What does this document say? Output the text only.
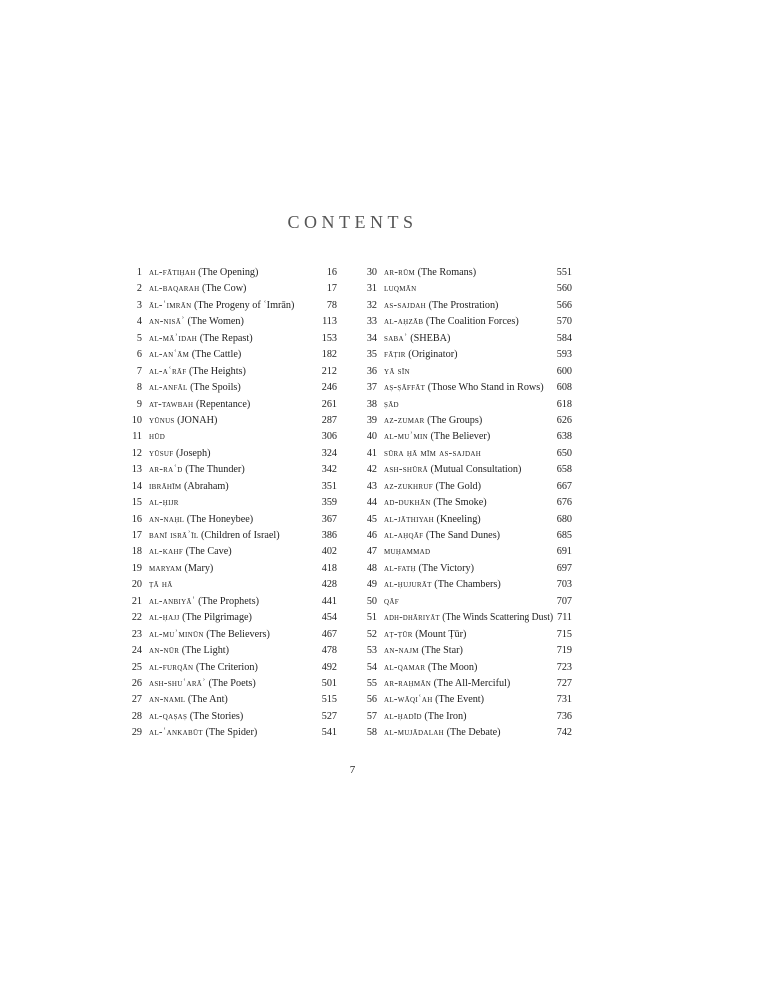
CONTENTS
1 al-fātiḥah (The Opening)	16
2 al-baqarah (The Cow)	17
3 āl-ʿimrān (The Progeny of ʿImrān)	78
4 an-nisāʾ (The Women)	113
5 al-māʾidah (The Repast)	153
6 al-anʿām (The Cattle)	182
7 al-aʿrāf (The Heights)	212
8 al-anfāl (The Spoils)	246
9 at-tawbah (Repentance)	261
10 yūnus (JONAH)	287
11 hūd	306
12 yūsuf (Joseph)	324
13 ar-raʿd (The Thunder)	342
14 ibrāhīm (Abraham)	351
15 al-ḥijr	359
16 an-naḥl (The Honeybee)	367
17 banī isrāʾīl (Children of Israel)	386
18 al-kahf (The Cave)	402
19 maryam (Mary)	418
20 ṭā hā	428
21 al-anbiyāʾ (The Prophets)	441
22 al-ḥajj (The Pilgrimage)	454
23 al-muʾminūn (The Believers)	467
24 an-nūr (The Light)	478
25 al-furqān (The Criterion)	492
26 ash-shuʿarāʾ (The Poets)	501
27 an-naml (The Ant)	515
28 al-qaṣaṣ (The Stories)	527
29 al-ʿankabūt (The Spider)	541
30 ar-rūm (The Romans)	551
31 luqmān	560
32 as-sajdah (The Prostration)	566
33 al-aḥzāb (The Coalition Forces)	570
34 sabaʾ (SHEBA)	584
35 fāṭir (Originator)	593
36 yā sīn	600
37 aṣ-ṣāffāt (Those Who Stand in Rows) 608
38 ṣād	618
39 az-zumar (The Groups)	626
40 al-muʾmin (The Believer)	638
41 sūra ḥā mīm as-sajdah	650
42 ash-shūrā (Mutual Consultation)	658
43 az-zukhruf (The Gold)	667
44 ad-dukhān (The Smoke)	676
45 al-jāthiyah (Kneeling)	680
46 al-aḥqāf (The Sand Dunes)	685
47 muḥammad	691
48 al-fatḥ (The Victory)	697
49 al-ḥujurāt (The Chambers)	703
50 qāf	707
51 adh-dhāriyāt (The Winds Scattering Dust) 711
52 aṭ-ṭūr (Mount Ṭūr)	715
53 an-najm (The Star)	719
54 al-qamar (The Moon)	723
55 ar-raḥmān (The All-Merciful)	727
56 al-wāqiʿah (The Event)	731
57 al-ḥadīd (The Iron)	736
58 al-mujādalah (The Debate)	742
7
